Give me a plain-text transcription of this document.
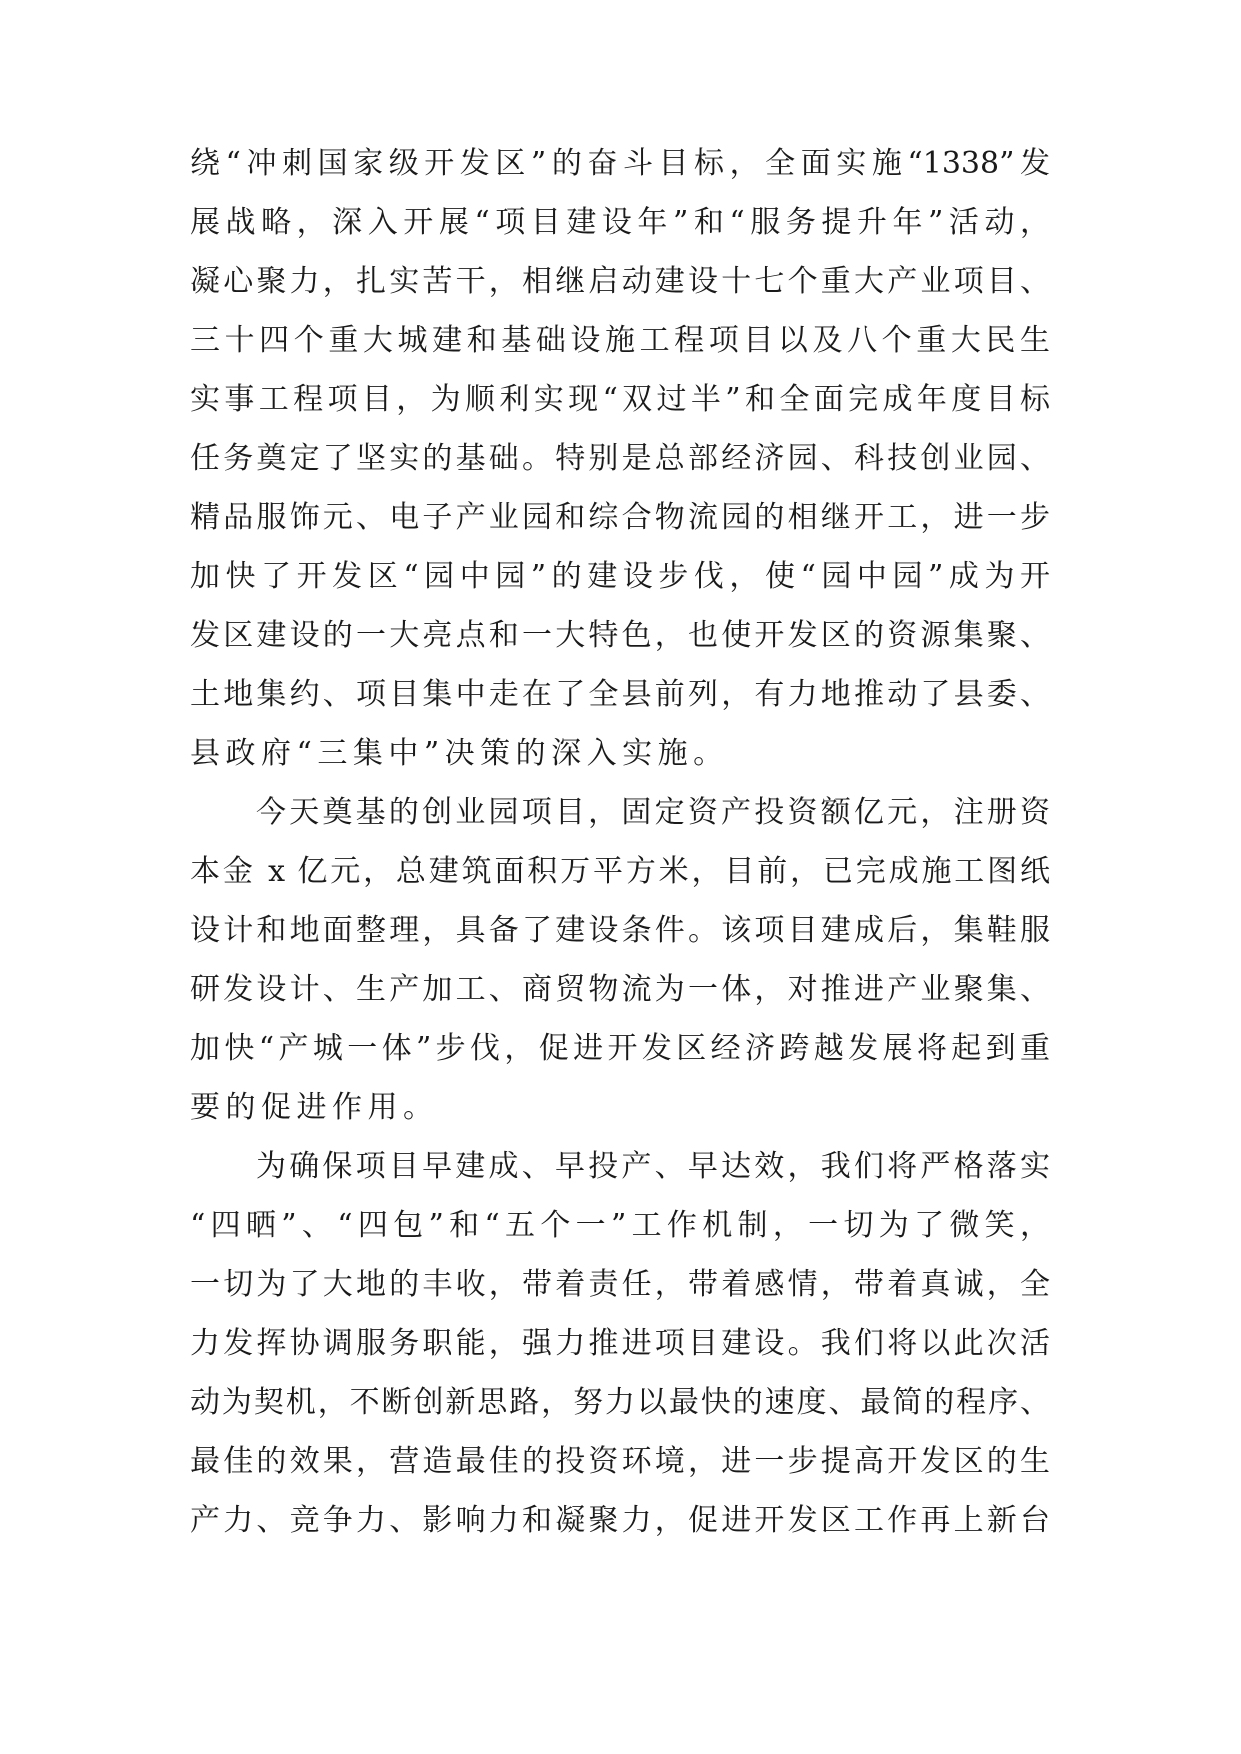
绕“冲刺国家级开发区”的奋斗目标，全面实施“1338”发
展战略，深入开展“项目建设年”和“服务提升年”活动，
凝心聚力，扎实苦干，相继启动建设十七个重大产业项目、
三十四个重大城建和基础设施工程项目以及八个重大民生
实事工程项目，为顺利实现“双过半”和全面完成年度目标
任务奠定了坚实的基础。特别是总部经济园、科技创业园、
精品服饰元、电子产业园和综合物流园的相继开工，进一步
加快了开发区“园中园”的建设步伐，使“园中园”成为开
发区建设的一大亮点和一大特色，也使开发区的资源集聚、
土地集约、项目集中走在了全县前列，有力地推动了县委、
县政府“三集中”决策的深入实施。
今天奠基的创业园项目，固定资产投资额亿元，注册资
本金 x 亿元，总建筑面积万平方米，目前，已完成施工图纸
设计和地面整理，具备了建设条件。该项目建成后，集鞋服
研发设计、生产加工、商贸物流为一体，对推进产业聚集、
加快“产城一体”步伐，促进开发区经济跨越发展将起到重
要的促进作用。
为确保项目早建成、早投产、早达效，我们将严格落实
“四晒”、“四包”和“五个一”工作机制，一切为了微笑，
一切为了大地的丰收，带着责任，带着感情，带着真诚，全
力发挥协调服务职能，强力推进项目建设。我们将以此次活
动为契机，不断创新思路，努力以最快的速度、最简的程序、
最佳的效果，营造最佳的投资环境，进一步提高开发区的生
产力、竞争力、影响力和凝聚力，促进开发区工作再上新台
